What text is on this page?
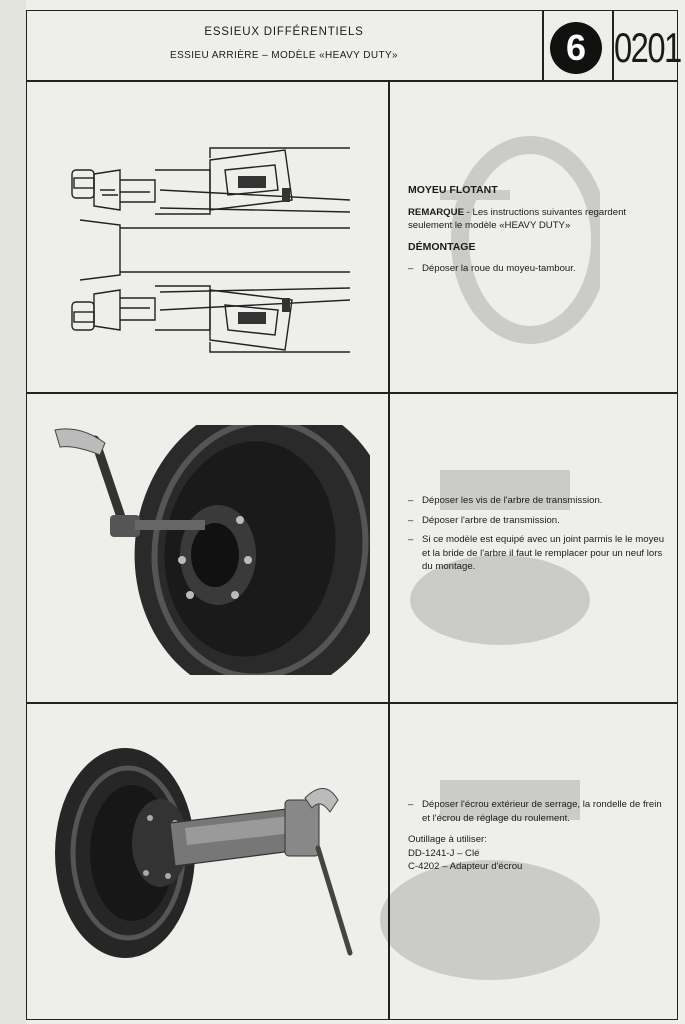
ESSIEUX DIFFÉRENTIELS
ESSIEU ARRIÈRE – MODÈLE «HEAVY DUTY»	6 0201
MOYEU FLOTANT
REMARQUE - Les instructions suivantes regardent seulement le modèle «HEAVY DUTY»
DÉMONTAGE
– Déposer la roue du moyeu-tambour.
– Déposer les vis de l'arbre de transmission.
– Déposer l'arbre de transmission.
– Si ce modèle est equipé avec un joint parmis le le moyeu et la bride de l'arbre il faut le remplacer pour un neuf lors du montage.
– Déposer l'écrou extérieur de serrage, la rondelle de frein et l'écrou de réglage du roulement.
Outillage à utiliser:
DD-1241-J – Clé
C-4202 – Adapteur d'écrou
